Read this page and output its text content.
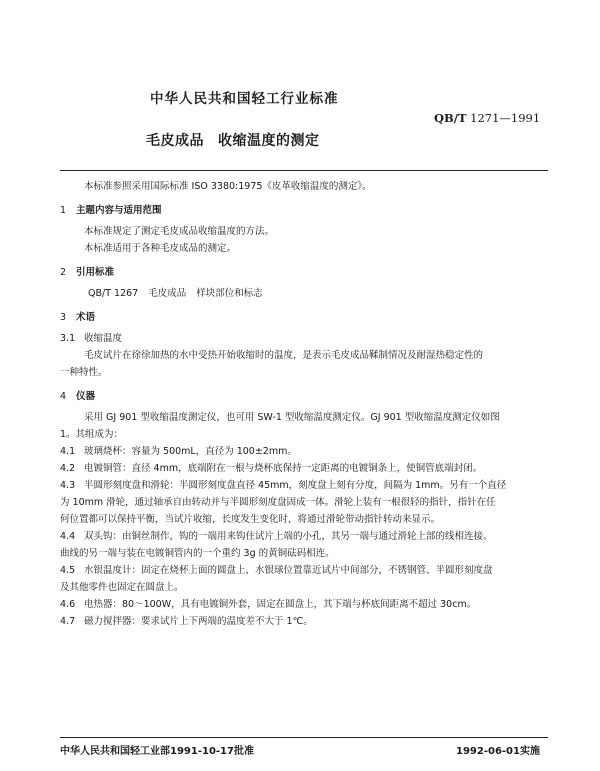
中华人民共和国轻工行业标准
QB/T 1271—1991
毛皮成品 收缩温度的测定

本标准参照采用国际标准 ISO 3380:1975《皮革收缩温度的测定》。

1 主题内容与适用范围

本标准规定了测定毛皮成品收缩温度的方法。

本标准适用于各种毛皮成品的测定。

2 引用标准

QB/T 1267 毛皮成品 样块部位和标志

3 术语

3.1 收缩温度

毛皮试片在徐徐加热的水中受热开始收缩时的温度，是表示毛皮成品鞣制情况及耐湿热稳定性的

一种特性。

4 仪器

采用 GJ 901 型收缩温度测定仪，也可用 SW-1 型收缩温度测定仪。GJ 901 型收缩温度测定仪如图

1。其组成为：

4.1 玻璃烧杯：容量为 500mL，直径为 100±2mm。

4.2 电镀铜管：直径 4mm，底端附在一根与烧杯底保持一定距离的电镀铜条上，使铜管底端封闭。

4.3 半圆形刻度盘和滑轮：半圆形刻度盘直径 45mm，刻度盘上刻有分度，间隔为 1mm。另有一个直径

为 10mm 滑轮，通过轴承自由转动并与半圆形刻度盘固成一体。滑轮上装有一根很轻的指针，指针在任

何位置都可以保持平衡，当试片收缩，长度发生变化时，将通过滑轮带动指针转动来显示。

4.4 双头钩：由铜丝制作，钩的一端用来钩住试片上端的小孔，其另一端与通过滑轮上部的线相连接。

曲线的另一端与装在电镀铜管内的一个重约 3g 的黄铜砝码相连。

4.5 水银温度计：固定在烧杯上面的圆盘上，水银球位置靠近试片中间部分，不锈钢管、半圆形刻度盘

及其他零件也固定在圆盘上。

4.6 电热器：80～100W，具有电镀铜外套，固定在圆盘上，其下端与杯底间距离不超过 30cm。

4.7 磁力搅拌器：要求试片上下两端的温度差不大于 1℃。

中华人民共和国轻工业部1991-10-17批准	1992-06-01实施
